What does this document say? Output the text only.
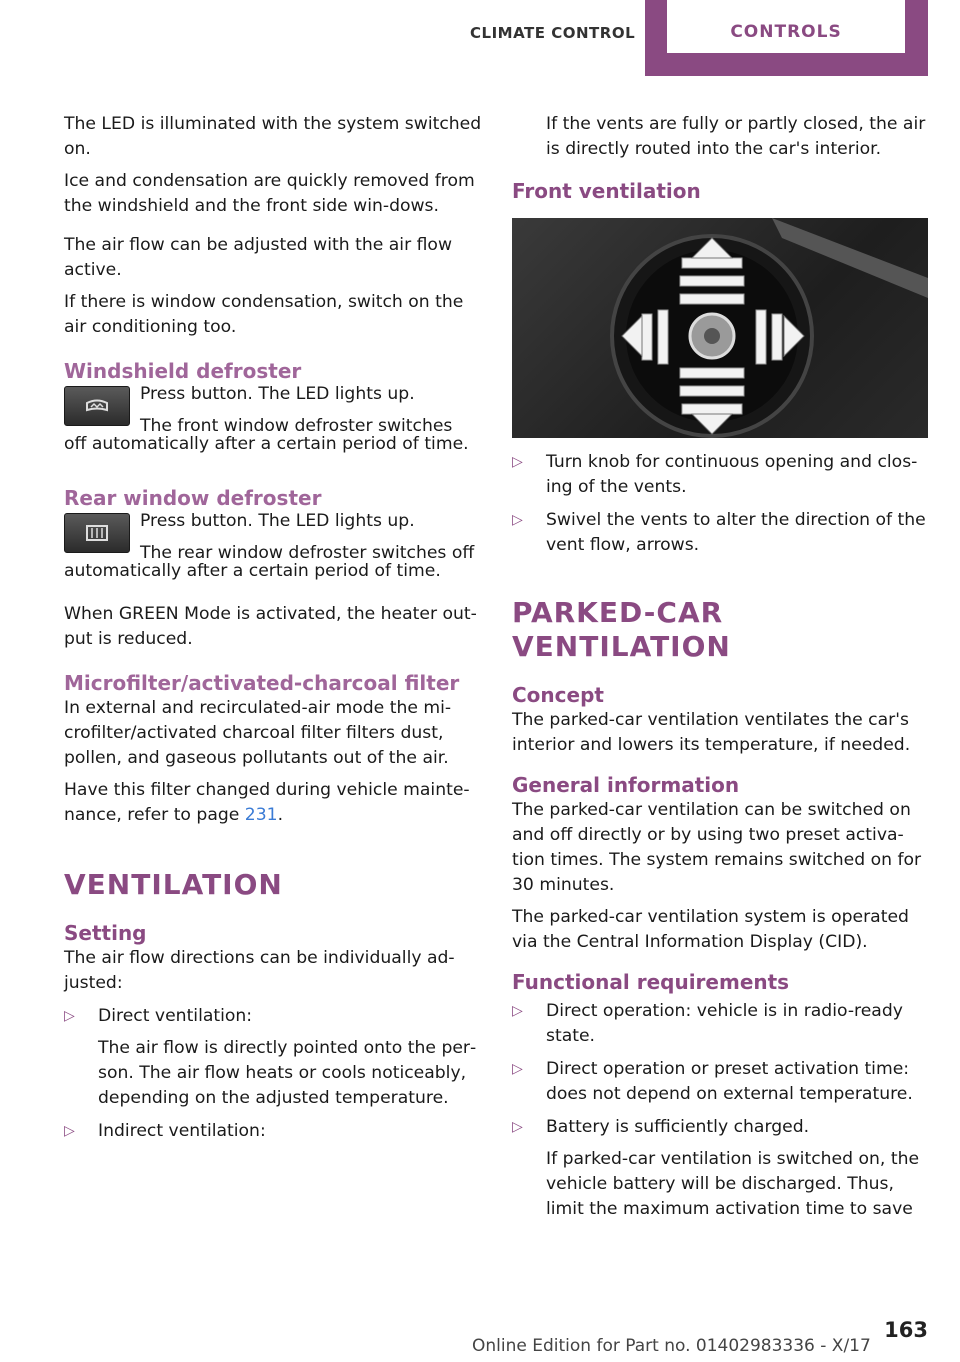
CLIMATE CONTROL	CONTROLS

The LED is illuminated with the system switched on.

Ice and condensation are quickly removed from the windshield and the front side win‐dows.

The air flow can be adjusted with the air flow active.

If there is window condensation, switch on the air conditioning too.

Windshield defroster
Press button. The LED lights up.
The front window defroster switches

off automatically after a certain period of time.

Rear window defroster
Press button. The LED lights up.
The rear window defroster switches off

automatically after a certain period of time.

When GREEN Mode is activated, the heater out‐put is reduced.

Microfilter/activated-charcoal filter

In external and recirculated-air mode the mi‐crofilter/activated charcoal filter filters dust, pollen, and gaseous pollutants out of the air.

Have this filter changed during vehicle mainte‐nance, refer to page 231.

VENTILATION
Setting

The air flow directions can be individually ad‐justed:

▷ Direct ventilation:
The air flow is directly pointed onto the per‐son. The air flow heats or cools noticeably, depending on the adjusted temperature.
▷ Indirect ventilation:

If the vents are fully or partly closed, the air is directly routed into the car's interior.

Front ventilation
▷ Turn knob for continuous opening and clos‐ing of the vents.
▷ Swivel the vents to alter the direction of the vent flow, arrows.
PARKED-CAR VENTILATION
Concept

The parked-car ventilation ventilates the car's interior and lowers its temperature, if needed.

General information

The parked-car ventilation can be switched on and off directly or by using two preset activa‐tion times. The system remains switched on for 30 minutes.

The parked-car ventilation system is operated via the Central Information Display (CID).

Functional requirements
▷ Direct operation: vehicle is in radio-ready state.
▷ Direct operation or preset activation time: does not depend on external temperature.
▷ Battery is sufficiently charged.
If parked-car ventilation is switched on, the vehicle battery will be discharged. Thus, limit the maximum activation time to save
Online Edition for Part no. 01402983336 - X/17
163
